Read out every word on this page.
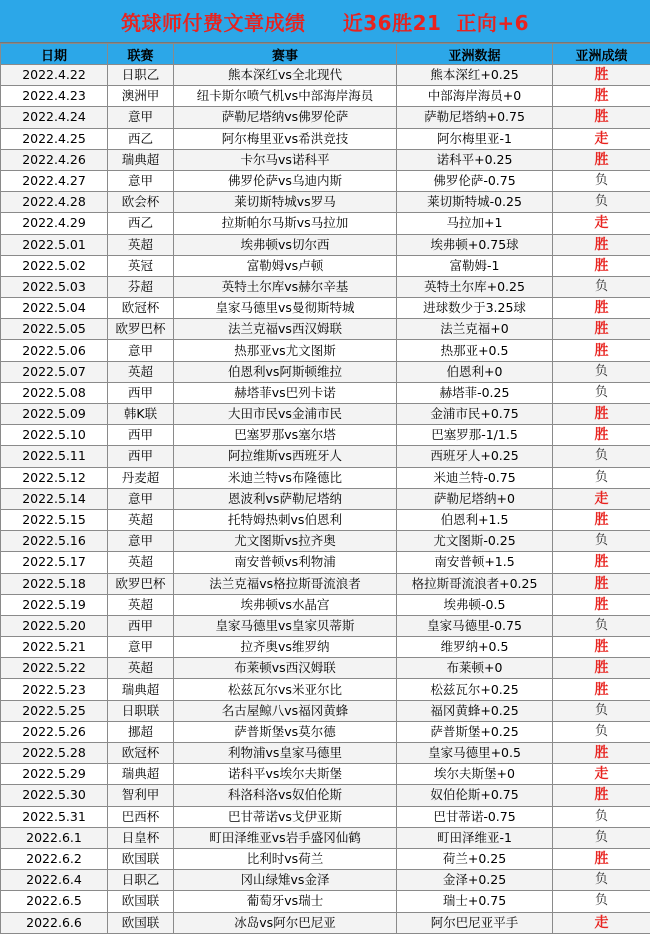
筑球师付费文章成绩     近36胜21  正向+6
日期	联赛	赛事	亚洲数据	亚洲成绩
2022.4.22	日职乙	熊本深红vs全北现代	熊本深红+0.25	胜
2022.4.23	澳洲甲	纽卡斯尔喷气机vs中部海岸海员	中部海岸海员+0	胜
2022.4.24	意甲	萨勒尼塔纳vs佛罗伦萨	萨勒尼塔纳+0.75	胜
2022.4.25	西乙	阿尔梅里亚vs希洪竞技	阿尔梅里亚-1	走
2022.4.26	瑞典超	卡尔马vs诺科平	诺科平+0.25	胜
2022.4.27	意甲	佛罗伦萨vs乌迪内斯	佛罗伦萨-0.75	负
2022.4.28	欧会杯	莱切斯特城vs罗马	莱切斯特城-0.25	负
2022.4.29	西乙	拉斯帕尔马斯vs马拉加	马拉加+1	走
2022.5.01	英超	埃弗顿vs切尔西	埃弗顿+0.75球	胜
2022.5.02	英冠	富勒姆vs卢顿	富勒姆-1	胜
2022.5.03	芬超	英特土尔库vs赫尔辛基	英特土尔库+0.25	负
2022.5.04	欧冠杯	皇家马德里vs曼彻斯特城	进球数少于3.25球	胜
2022.5.05	欧罗巴杯	法兰克福vs西汉姆联	法兰克福+0	胜
2022.5.06	意甲	热那亚vs尤文图斯	热那亚+0.5	胜
2022.5.07	英超	伯恩利vs阿斯顿维拉	伯恩利+0	负
2022.5.08	西甲	赫塔菲vs巴列卡诺	赫塔菲-0.25	负
2022.5.09	韩K联	大田市民vs金浦市民	金浦市民+0.75	胜
2022.5.10	西甲	巴塞罗那vs塞尔塔	巴塞罗那-1/1.5	胜
2022.5.11	西甲	阿拉维斯vs西班牙人	西班牙人+0.25	负
2022.5.12	丹麦超	米迪兰特vs布隆德比	米迪兰特-0.75	负
2022.5.14	意甲	恩波利vs萨勒尼塔纳	萨勒尼塔纳+0	走
2022.5.15	英超	托特姆热刺vs伯恩利	伯恩利+1.5	胜
2022.5.16	意甲	尤文图斯vs拉齐奥	尤文图斯-0.25	负
2022.5.17	英超	南安普顿vs利物浦	南安普顿+1.5	胜
2022.5.18	欧罗巴杯	法兰克福vs格拉斯哥流浪者	格拉斯哥流浪者+0.25	胜
2022.5.19	英超	埃弗顿vs水晶宫	埃弗顿-0.5	胜
2022.5.20	西甲	皇家马德里vs皇家贝蒂斯	皇家马德里-0.75	负
2022.5.21	意甲	拉齐奥vs维罗纳	维罗纳+0.5	胜
2022.5.22	英超	布莱顿vs西汉姆联	布莱顿+0	胜
2022.5.23	瑞典超	松兹瓦尔vs米亚尔比	松兹瓦尔+0.25	胜
2022.5.25	日职联	名古屋鲸八vs福冈黄蜂	福冈黄蜂+0.25	负
2022.5.26	挪超	萨普斯堡vs莫尔德	萨普斯堡+0.25	负
2022.5.28	欧冠杯	利物浦vs皇家马德里	皇家马德里+0.5	胜
2022.5.29	瑞典超	诺科平vs埃尔夫斯堡	埃尔夫斯堡+0	走
2022.5.30	智利甲	科洛科洛vs奴伯伦斯	奴伯伦斯+0.75	胜
2022.5.31	巴西杯	巴甘蒂诺vs戈伊亚斯	巴甘蒂诺-0.75	负
2022.6.1	日皇杯	町田泽维亚vs岩手盛冈仙鹤	町田泽维亚-1	负
2022.6.2	欧国联	比利时vs荷兰	荷兰+0.25	胜
2022.6.4	日职乙	冈山绿雉vs金泽	金泽+0.25	负
2022.6.5	欧国联	葡萄牙vs瑞士	瑞士+0.75	负
2022.6.6	欧国联	冰岛vs阿尔巴尼亚	阿尔巴尼亚平手	走
